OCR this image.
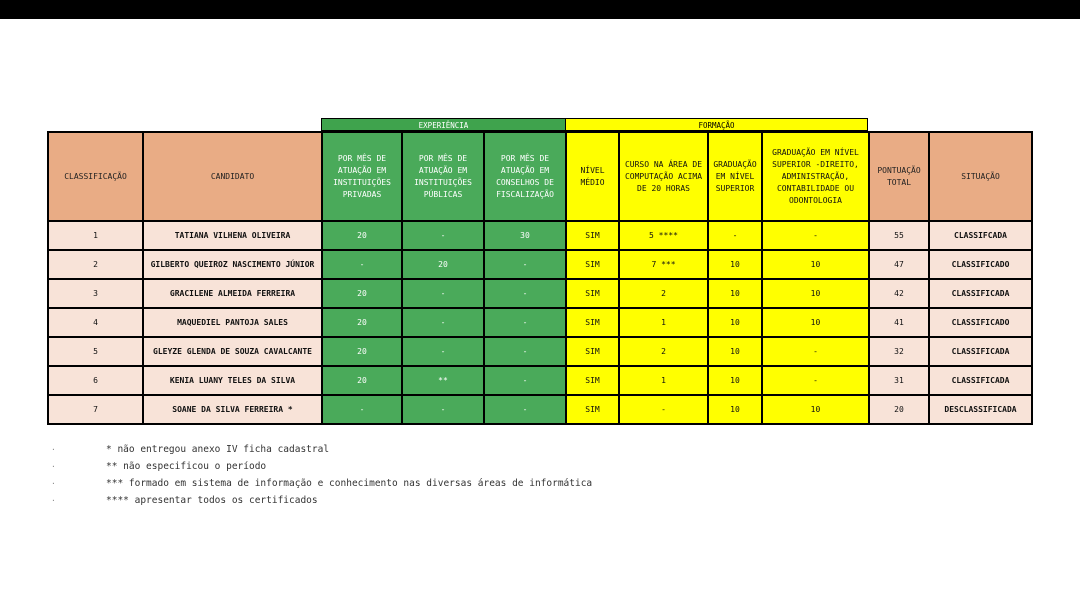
EXPERIÊNCIA	FORMAÇÃO
CLASSIFICAÇÃO	CANDIDATO	POR MÊS DE ATUAÇÃO EM INSTITUIÇÕES PRIVADAS	POR MÊS DE ATUAÇÃO EM INSTITUIÇÕES PÚBLICAS	POR MÊS DE ATUAÇÃO EM CONSELHOS DE FISCALIZAÇÃO	NÍVEL MÉDIO	CURSO NA ÁREA DE COMPUTAÇÃO ACIMA DE 20 HORAS	GRADUAÇÃO EM NÍVEL SUPERIOR	GRADUAÇÃO EM NÍVEL SUPERIOR -DIREITO, ADMINISTRAÇÃO, CONTABILIDADE OU ODONTOLOGIA	PONTUAÇÃO TOTAL	SITUAÇÃO
1	TATIANA VILHENA OLIVEIRA	20	-	30	SIM	5 ****	-	-	55	CLASSIFCADA
2	GILBERTO QUEIROZ NASCIMENTO JÚNIOR	-	20	-	SIM	7 ***	10	10	47	CLASSIFICADO
3	GRACILENE ALMEIDA FERREIRA	20	-	-	SIM	2	10	10	42	CLASSIFICADA
4	MAQUEDIEL PANTOJA SALES	20	-	-	SIM	1	10	10	41	CLASSIFICADO
5	GLEYZE GLENDA DE SOUZA CAVALCANTE	20	-	-	SIM	2	10	-	32	CLASSIFICADA
6	KENIA LUANY TELES DA SILVA	20	**	-	SIM	1	10	-	31	CLASSIFICADA
7	SOANE DA SILVA FERREIRA *	-	-	-	SIM	-	10	10	20	DESCLASSIFICADA
·	* não entregou anexo IV ficha cadastral
·	** não especificou o período
·	*** formado em sistema de informação e conhecimento nas diversas áreas de informática
·	**** apresentar todos os certificados
